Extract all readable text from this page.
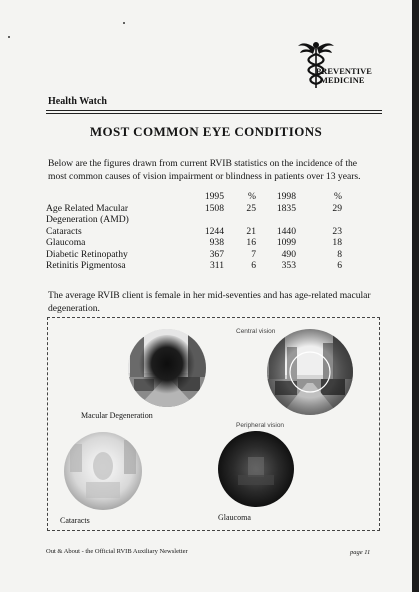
PREVENTIVE
MEDICINE
Health Watch
MOST COMMON EYE CONDITIONS
Below are the figures drawn from current RVIB statistics on the incidence of the most common causes of vision impairment or blindness in patients over 13 years.
	1995	%	1998	%
Age Related Macular	1508	25	1835	29
Degeneration (AMD)				
Cataracts	1244	21	1440	23
Glaucoma	938	16	1099	18
Diabetic Retinopathy	367	7	490	8
Retinitis Pigmentosa	311	6	353	6
The average RVIB client is female in her mid-seventies and has age-related macular degeneration.
Central vision
Macular Degeneration
Peripheral vision
Cataracts	Glaucoma
Out & About - the Official RVIB Auxiliary Newsletter	page 11
